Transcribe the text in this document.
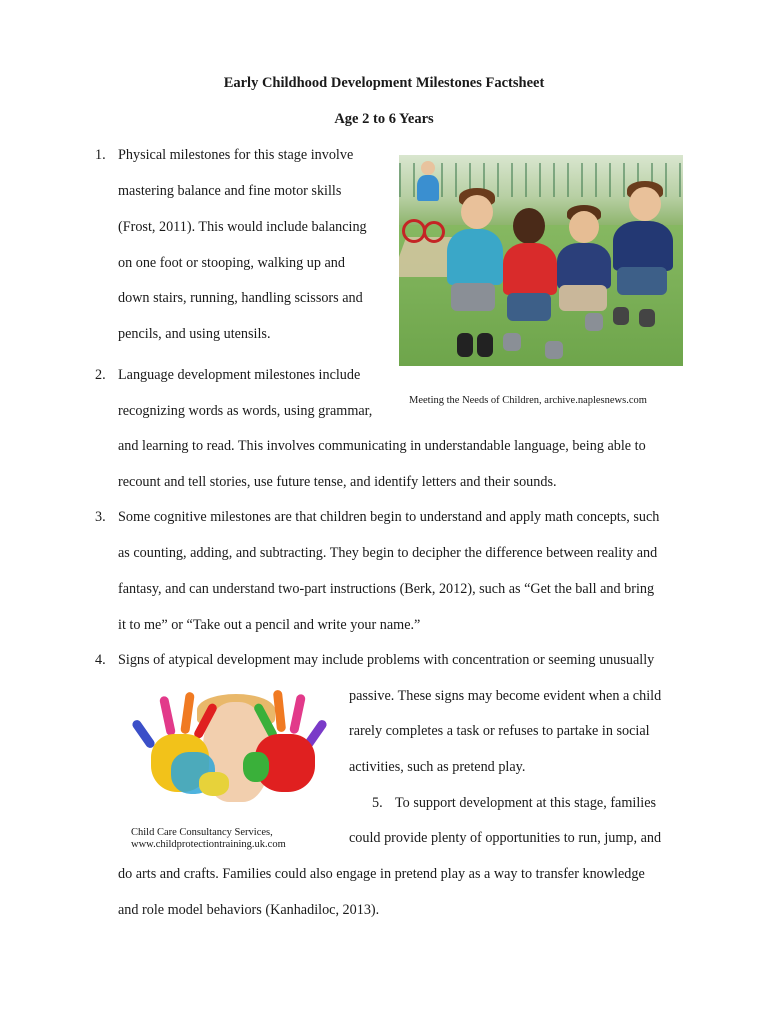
Early Childhood Development Milestones Factsheet
Age 2 to 6 Years
1. Physical milestones for this stage involve
mastering balance and fine motor skills
(Frost, 2011). This would include balancing
on one foot or stooping, walking up and
down stairs, running, handling scissors and
pencils, and using utensils.
Meeting the Needs of Children, archive.naplesnews.com
2. Language development milestones include
recognizing words as words, using grammar,
and learning to read. This involves communicating in understandable language, being able to
recount and tell stories, use future tense, and identify letters and their sounds.
3. Some cognitive milestones are that children begin to understand and apply math concepts, such
as counting, adding, and subtracting. They begin to decipher the difference between reality and
fantasy, and can understand two-part instructions (Berk, 2012), such as “Get the ball and bring
it to me” or “Take out a pencil and write your name.”
4. Signs of atypical development may include problems with concentration or seeming unusually
passive. These signs may become evident when a child
rarely completes a task or refuses to partake in social
activities, such as pretend play.
Child Care Consultancy Services,
www.childprotectiontraining.uk.com
5. To support development at this stage, families
could provide plenty of opportunities to run, jump, and
do arts and crafts. Families could also engage in pretend play as a way to transfer knowledge
and role model behaviors (Kanhadiloc, 2013).
